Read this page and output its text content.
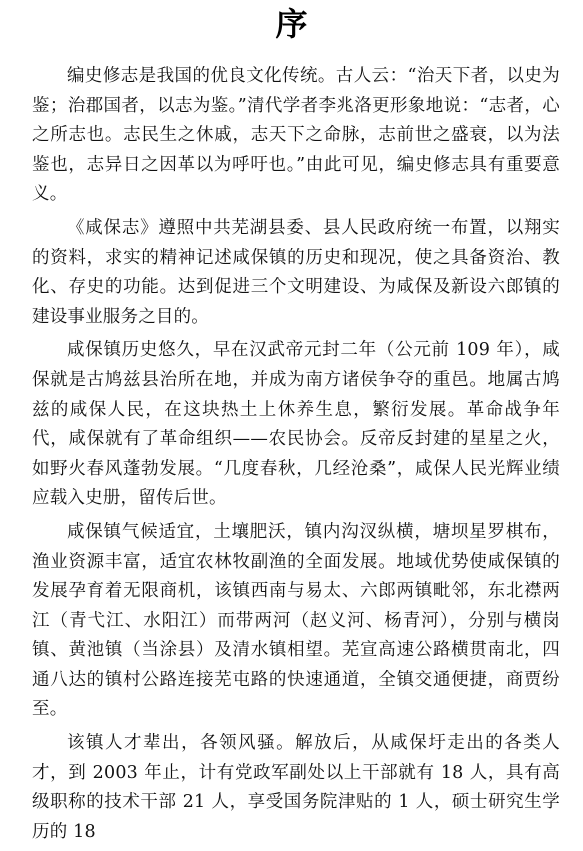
序

编史修志是我国的优良文化传统。古人云：“治天下者，以史为鉴；治郡国者，以志为鉴。”清代学者李兆洛更形象地说：“志者，心之所志也。志民生之休戚，志天下之命脉，志前世之盛衰，以为法鉴也，志异日之因革以为呼吁也。”由此可见，编史修志具有重要意义。

《咸保志》遵照中共芜湖县委、县人民政府统一布置，以翔实的资料，求实的精神记述咸保镇的历史和现况，使之具备资治、教化、存史的功能。达到促进三个文明建设、为咸保及新设六郎镇的建设事业服务之目的。

咸保镇历史悠久，早在汉武帝元封二年（公元前 109 年），咸保就是古鸠兹县治所在地，并成为南方诸侯争夺的重邑。地属古鸠兹的咸保人民，在这块热土上休养生息，繁衍发展。革命战争年代，咸保就有了革命组织——农民协会。反帝反封建的星星之火，如野火春风蓬勃发展。“几度春秋，几经沧桑”，咸保人民光辉业绩应载入史册，留传后世。

咸保镇气候适宜，土壤肥沃，镇内沟汊纵横，塘坝星罗棋布，渔业资源丰富，适宜农林牧副渔的全面发展。地域优势使咸保镇的发展孕育着无限商机，该镇西南与易太、六郎两镇毗邻，东北襟两江（青弋江、水阳江）而带两河（赵义河、杨青河），分别与横岗镇、黄池镇（当涂县）及清水镇相望。芜宣高速公路横贯南北，四通八达的镇村公路连接芜屯路的快速通道，全镇交通便捷，商贾纷至。

该镇人才辈出，各领风骚。解放后，从咸保圩走出的各类人才，到 2003 年止，计有党政军副处以上干部就有 18 人，具有高级职称的技术干部 21 人，享受国务院津贴的 1 人，硕士研究生学历的 18
